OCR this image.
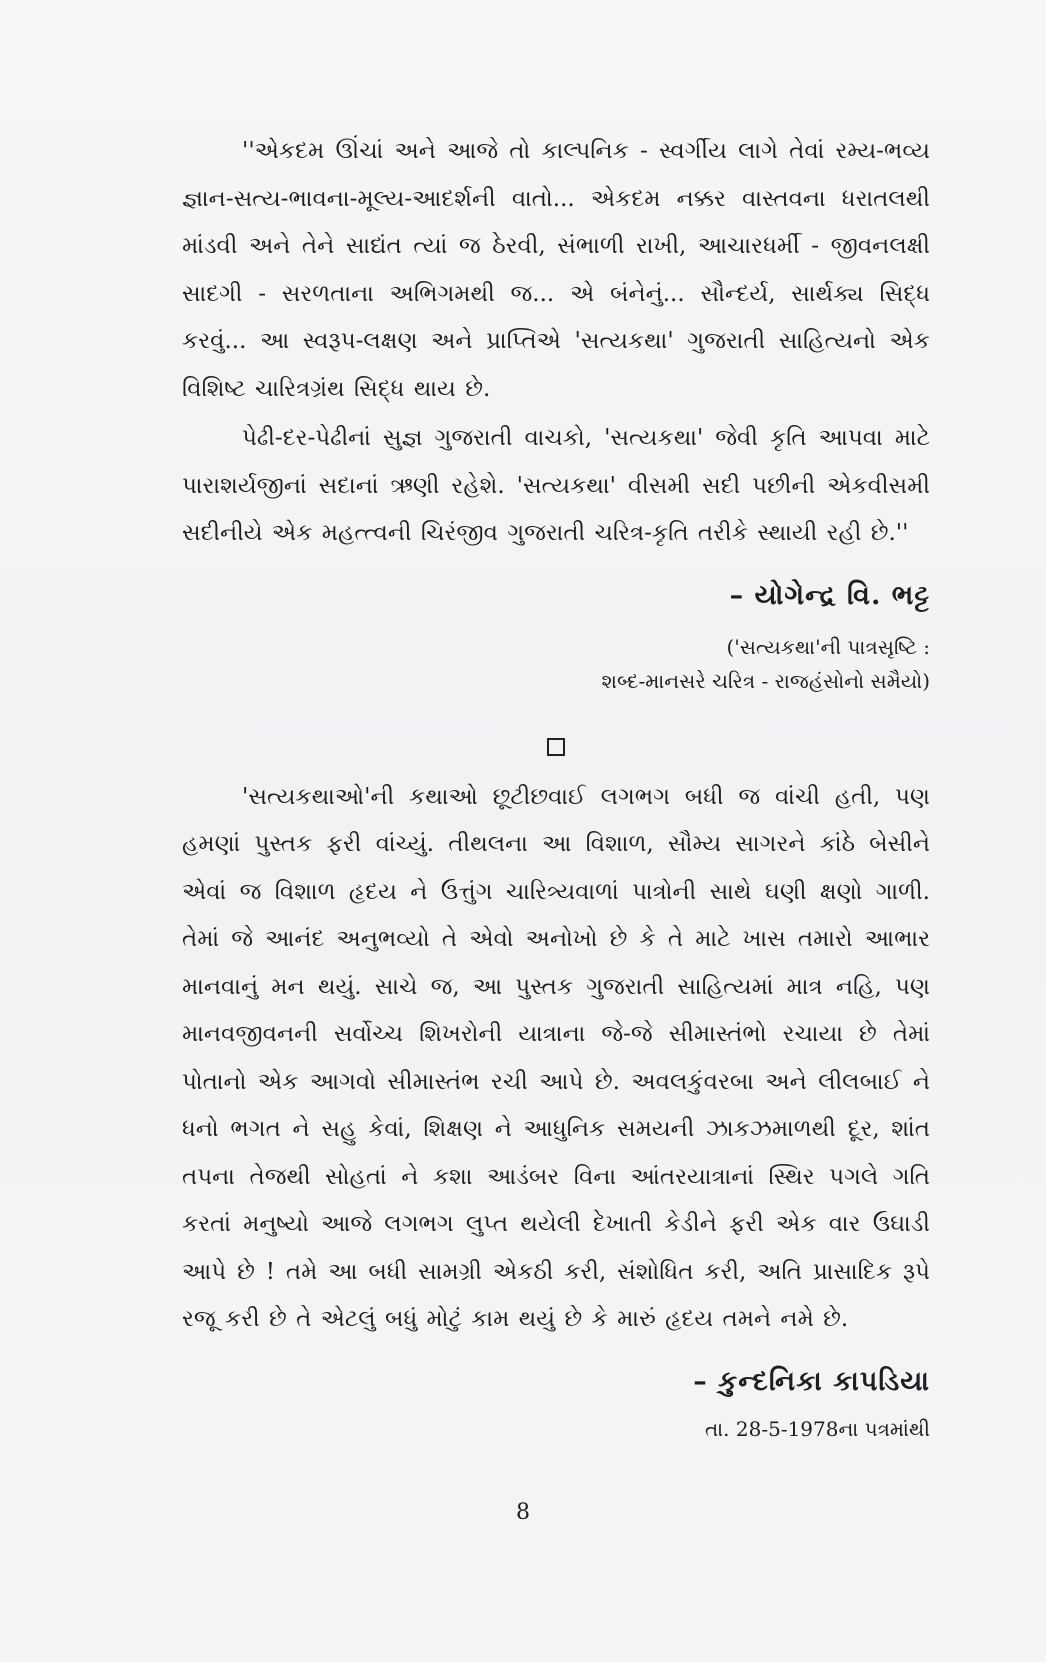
''એકદમ ઊંચાં અને આજે તો કાલ્પનિક - સ્વર્ગીય લાગે તેવાં રમ્ય-ભવ્ય જ્ઞાન-સત્ય-ભાવના-મૂલ્ય-આદર્શની વાતો... એકદમ નક્કર વાસ્તવના ધરાતલથી માંડવી અને તેને સાદ્યંત ત્યાં જ ઠેરવી, સંભાળી રાખી, આચારધર્મી - જીવનલક્ષી સાદગી - સરળતાના અભિગમથી જ... એ બંનેનું... સૌન્દર્ય, સાર્થક્ય સિદ્ધ કરવું... આ સ્વરૂપ-લક્ષણ અને પ્રાપ્તિએ 'સત્યકથા' ગુજરાતી સાહિત્યનો એક વિશિષ્ટ ચારિત્રગ્રંથ સિદ્ધ થાય છે.

પેઢી-દર-પેઢીનાં સુજ્ઞ ગુજરાતી વાચકો, 'સત્યકથા' જેવી કૃતિ આપવા માટે પારાશર્યજીનાં સદાનાં ઋણી રહેશે. 'સત્યકથા' વીસમી સદી પછીની એકવીસમી સદીનીયે એક મહત્ત્વની ચિરંજીવ ગુજરાતી ચરિત્ર-કૃતિ તરીકે સ્થાયી રહી છે.''

– યોગેન્દ્ર વિ. ભટ્ટ

('સત્યકથા'ની પાત્રસૃષ્ટિ :

શબ્દ-માનસરે ચરિત્ર - રાજહંસોનો સમૈયો)

'સત્યકથાઓ'ની કથાઓ છૂટીછવાઈ લગભગ બધી જ વાંચી હતી, પણ હમણાં પુસ્તક ફરી વાંચ્યું. તીથલના આ વિશાળ, સૌમ્ય સાગરને કાંઠે બેસીને એવાં જ વિશાળ હૃદય ને ઉત્તુંગ ચારિત્ર્યવાળાં પાત્રોની સાથે ઘણી ક્ષણો ગાળી. તેમાં જે આનંદ અનુભવ્યો તે એવો અનોખો છે કે તે માટે ખાસ તમારો આભાર માનવાનું મન થયું. સાચે જ, આ પુસ્તક ગુજરાતી સાહિત્યમાં માત્ર નહિ, પણ માનવજીવનની સર્વોચ્ચ શિખરોની યાત્રાના જે-જે સીમાસ્તંભો રચાયા છે તેમાં પોતાનો એક આગવો સીમાસ્તંભ રચી આપે છે. અવલકુંવરબા અને લીલબાઈ ને ધનો ભગત ને સહુ કેવાં, શિક્ષણ ને આધુનિક સમયની ઝાકઝમાળથી દૂર, શાંત તપના તેજથી સોહતાં ને કશા આડંબર વિના આંતરયાત્રાનાં સ્થિર પગલે ગતિ કરતાં મનુષ્યો આજે લગભગ લુપ્ત થયેલી દેખાતી કેડીને ફરી એક વાર ઉઘાડી આપે છે ! તમે આ બધી સામગ્રી એકઠી કરી, સંશોધિત કરી, અતિ પ્રાસાદિક રૂપે રજૂ કરી છે તે એટલું બધું મોટું કામ થયું છે કે મારું હૃદય તમને નમે છે.

– કુન્દનિકા કાપડિયા

તા. 28-5-1978ના પત્રમાંથી

8
